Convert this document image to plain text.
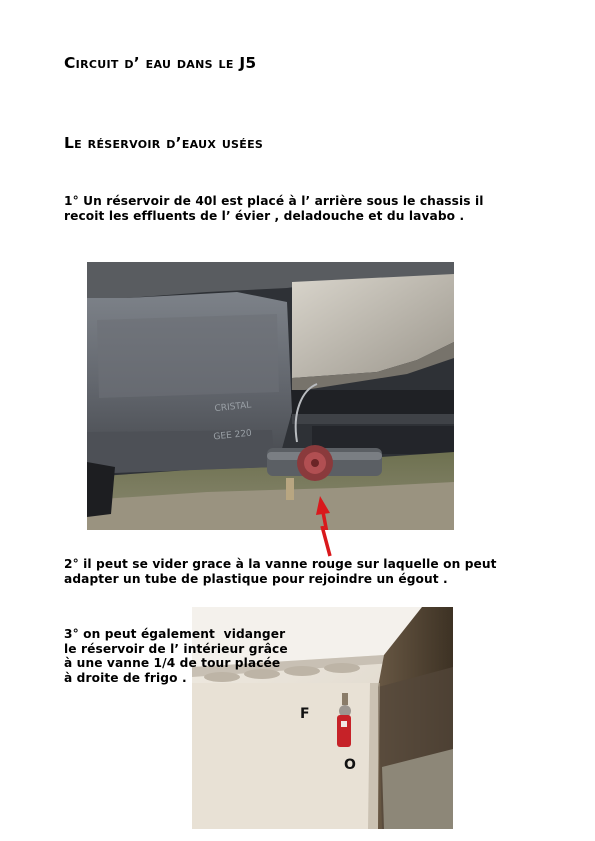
Circuit d’ eau dans le J5
Le réservoir d’eaux usées
1° Un réservoir de 40l est placé à l’ arrière sous le chassis il
recoit les effluents de l’ évier , deladouche et du lavabo .
CRISTAL
GEE 220
2° il peut se vider grace à la vanne rouge sur laquelle on peut
adapter un tube de plastique pour rejoindre un égout .
F
O
3° on peut également  vidanger
le réservoir de l’ intérieur grâce
à une vanne 1/4 de tour placée
à droite de frigo .
